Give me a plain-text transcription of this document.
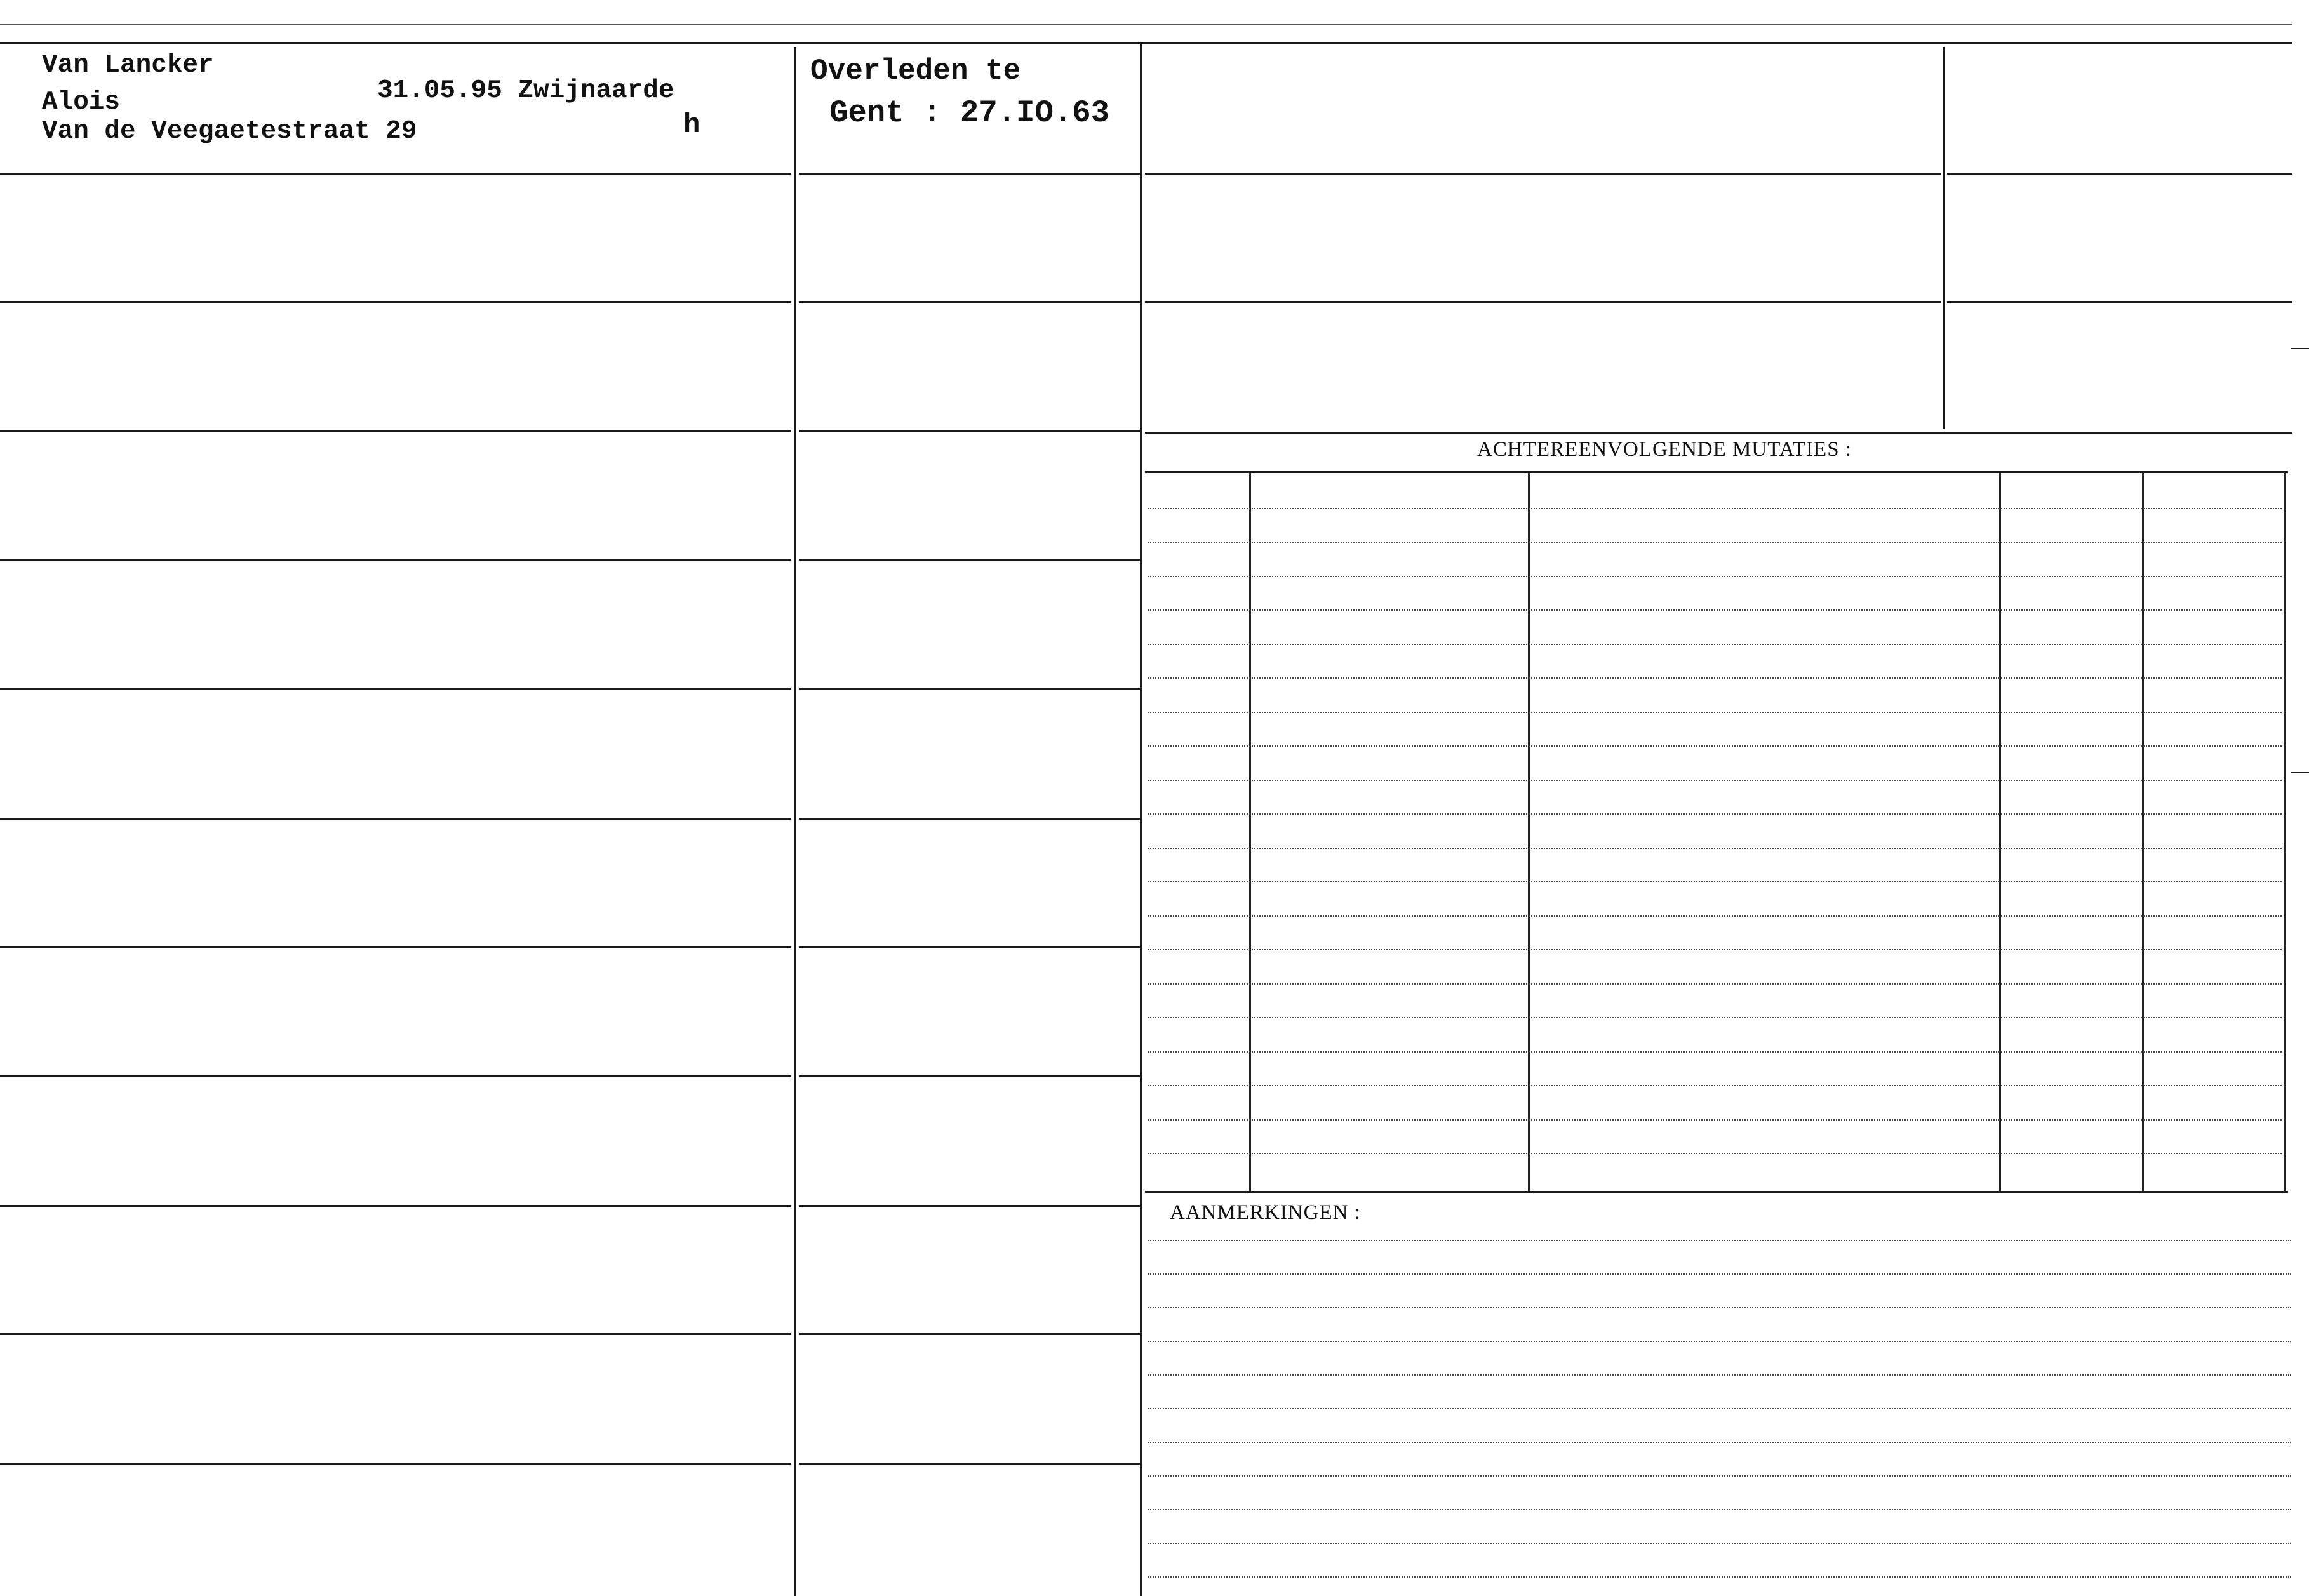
Van Lancker
Alois	31.05.95 Zwijnaarde
Van de Veegaetestraat 29	h
Overleden te
Gent : 27.IO.63
ACHTEREENVOLGENDE MUTATIES :
AANMERKINGEN :
